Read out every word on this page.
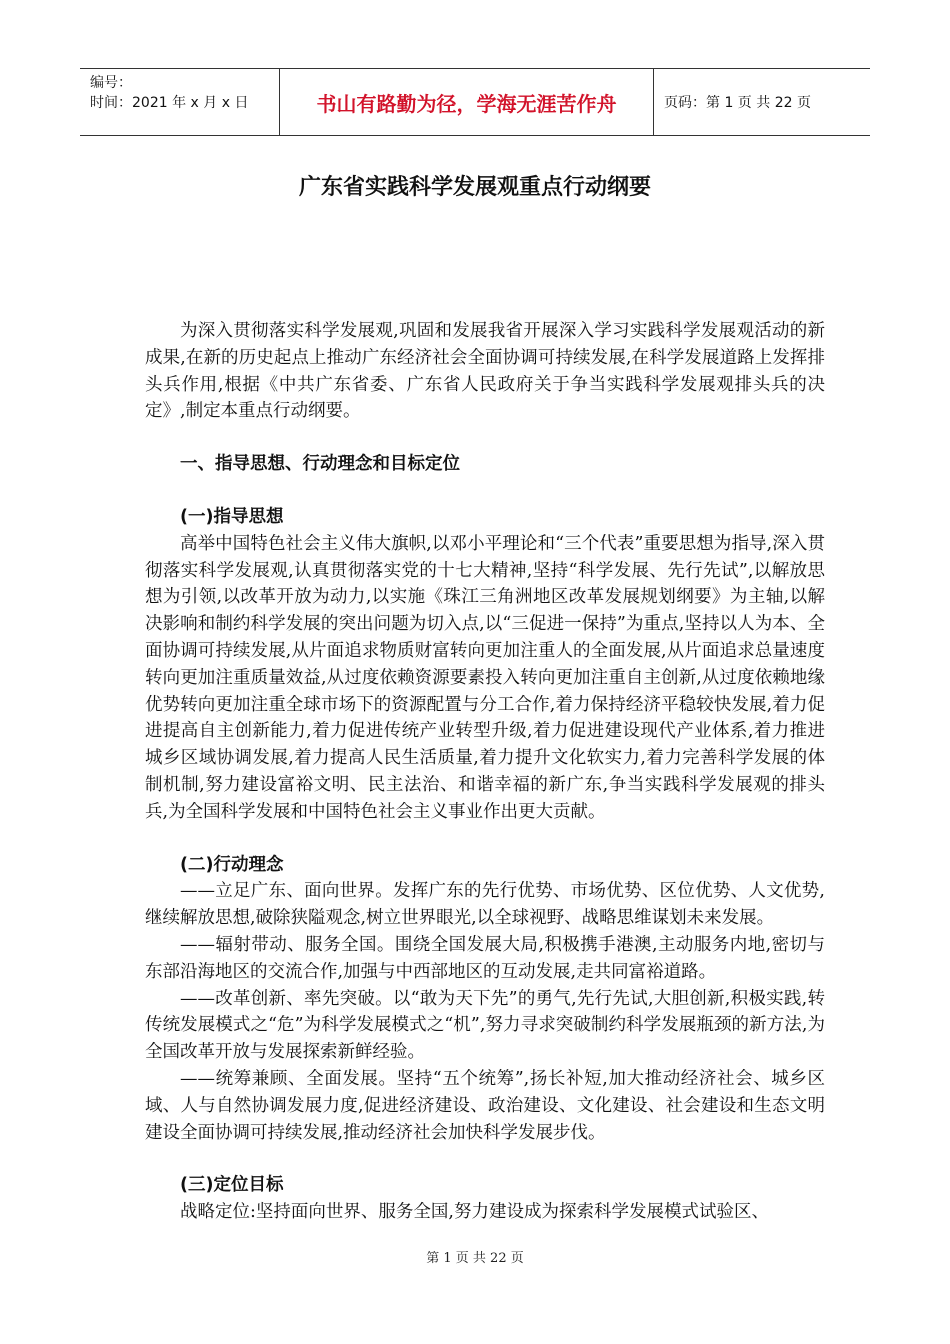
编号：
时间：2021 年 x 月 x 日	书山有路勤为径，学海无涯苦作舟	页码：第 1 页 共 22 页
广东省实践科学发展观重点行动纲要

为深入贯彻落实科学发展观,巩固和发展我省开展深入学习实践科学发展观活动的新成果,在新的历史起点上推动广东经济社会全面协调可持续发展,在科学发展道路上发挥排头兵作用,根据《中共广东省委、广东省人民政府关于争当实践科学发展观排头兵的决定》,制定本重点行动纲要。

一、指导思想、行动理念和目标定位
(一)指导思想

高举中国特色社会主义伟大旗帜,以邓小平理论和“三个代表”重要思想为指导,深入贯彻落实科学发展观,认真贯彻落实党的十七大精神,坚持“科学发展、先行先试”,以解放思想为引领,以改革开放为动力,以实施《珠江三角洲地区改革发展规划纲要》为主轴,以解决影响和制约科学发展的突出问题为切入点,以“三促进一保持”为重点,坚持以人为本、全面协调可持续发展,从片面追求物质财富转向更加注重人的全面发展,从片面追求总量速度转向更加注重质量效益,从过度依赖资源要素投入转向更加注重自主创新,从过度依赖地缘优势转向更加注重全球市场下的资源配置与分工合作,着力保持经济平稳较快发展,着力促进提高自主创新能力,着力促进传统产业转型升级,着力促进建设现代产业体系,着力推进城乡区域协调发展,着力提高人民生活质量,着力提升文化软实力,着力完善科学发展的体制机制,努力建设富裕文明、民主法治、和谐幸福的新广东,争当实践科学发展观的排头兵,为全国科学发展和中国特色社会主义事业作出更大贡献。

(二)行动理念

——立足广东、面向世界。发挥广东的先行优势、市场优势、区位优势、人文优势,继续解放思想,破除狭隘观念,树立世界眼光,以全球视野、战略思维谋划未来发展。

——辐射带动、服务全国。围绕全国发展大局,积极携手港澳,主动服务内地,密切与东部沿海地区的交流合作,加强与中西部地区的互动发展,走共同富裕道路。

——改革创新、率先突破。以“敢为天下先”的勇气,先行先试,大胆创新,积极实践,转传统发展模式之“危”为科学发展模式之“机”,努力寻求突破制约科学发展瓶颈的新方法,为全国改革开放与发展探索新鲜经验。

——统筹兼顾、全面发展。坚持“五个统筹”,扬长补短,加大推动经济社会、城乡区域、人与自然协调发展力度,促进经济建设、政治建设、文化建设、社会建设和生态文明建设全面协调可持续发展,推动经济社会加快科学发展步伐。

(三)定位目标

战略定位:坚持面向世界、服务全国,努力建设成为探索科学发展模式试验区、

第 1 页 共 22 页
